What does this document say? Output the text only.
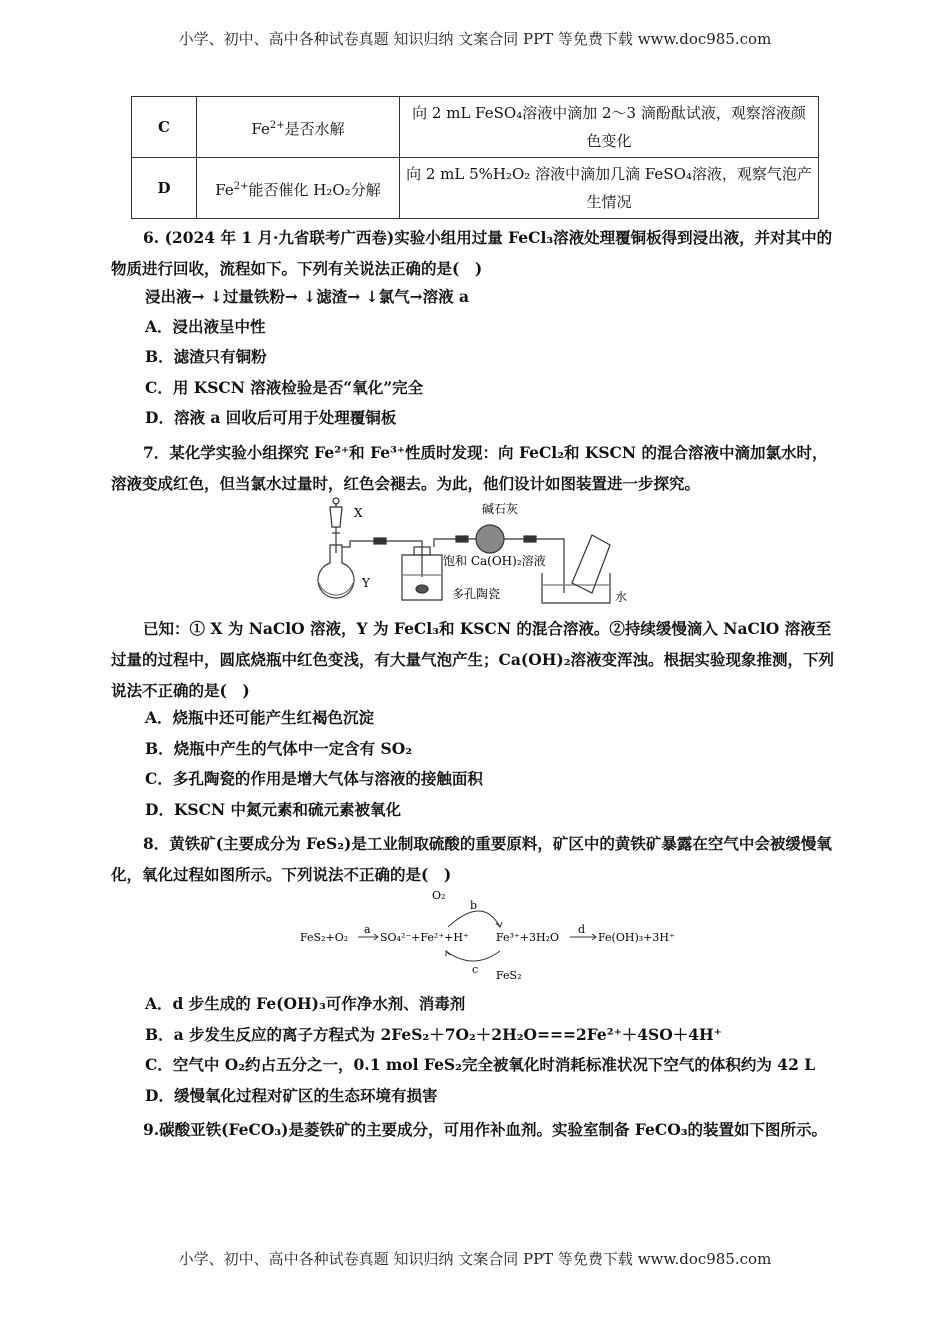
小学、初中、高中各种试卷真题 知识归纳 文案合同 PPT 等免费下载 www.doc985.com
C	$Fe^{2+}$是否水解	向 2 mL FeSO₄溶液中滴加 2～3 滴酚酞试液，观察溶液颜色变化
D	$Fe^{2+}$能否催化 H₂O₂分解	向 2 mL 5%H₂O₂ 溶液中滴加几滴 FeSO₄溶液，观察气泡产生情况
6. (2024 年 1 月·九省联考广西卷)实验小组用过量 FeCl₃溶液处理覆铜板得到浸出液，并对其中的物质进行回收，流程如下。下列有关说法正确的是(　)
浸出液→ ↓过量铁粉→ ↓滤渣→ ↓氯气→溶液 a
A．浸出液呈中性
B．滤渣只有铜粉
C．用 KSCN 溶液检验是否“氧化”完全
D．溶液 a 回收后可用于处理覆铜板
7．某化学实验小组探究 Fe²⁺和 Fe³⁺性质时发现：向 FeCl₂和 KSCN 的混合溶液中滴加氯水时，溶液变成红色，但当氯水过量时，红色会褪去。为此，他们设计如图装置进一步探究。
X
Y
碱石灰
饱和 Ca(OH)₂溶液
多孔陶瓷	水
已知：① X 为 NaClO 溶液，Y 为 FeCl₃和 KSCN 的混合溶液。②持续缓慢滴入 NaClO 溶液至过量的过程中，圆底烧瓶中红色变浅，有大量气泡产生；Ca(OH)₂溶液变浑浊。根据实验现象推测，下列说法不正确的是(　)
A．烧瓶中还可能产生红褐色沉淀
B．烧瓶中产生的气体中一定含有 SO₂
C．多孔陶瓷的作用是增大气体与溶液的接触面积
D．KSCN 中氮元素和硫元素被氧化
8．黄铁矿(主要成分为 FeS₂)是工业制取硫酸的重要原料，矿区中的黄铁矿暴露在空气中会被缓慢氧化，氧化过程如图所示。下列说法不正确的是(　)
O₂
b
a
c
d
FeS₂
FeS₂+O₂	SO₄²⁻+Fe²⁺+H⁺ Fe³⁺+3H₂O	Fe(OH)₃+3H⁺
A．d 步生成的 Fe(OH)₃可作净水剂、消毒剂
B．a 步发生反应的离子方程式为 2FeS₂＋7O₂＋2H₂O===2Fe²⁺＋4SO＋4H⁺
C．空气中 O₂约占五分之一，0.1 mol FeS₂完全被氧化时消耗标准状况下空气的体积约为 42 L
D．缓慢氧化过程对矿区的生态环境有损害
9.碳酸亚铁(FeCO₃)是菱铁矿的主要成分，可用作补血剂。实验室制备 FeCO₃的装置如下图所示。
小学、初中、高中各种试卷真题 知识归纳 文案合同 PPT 等免费下载 www.doc985.com
